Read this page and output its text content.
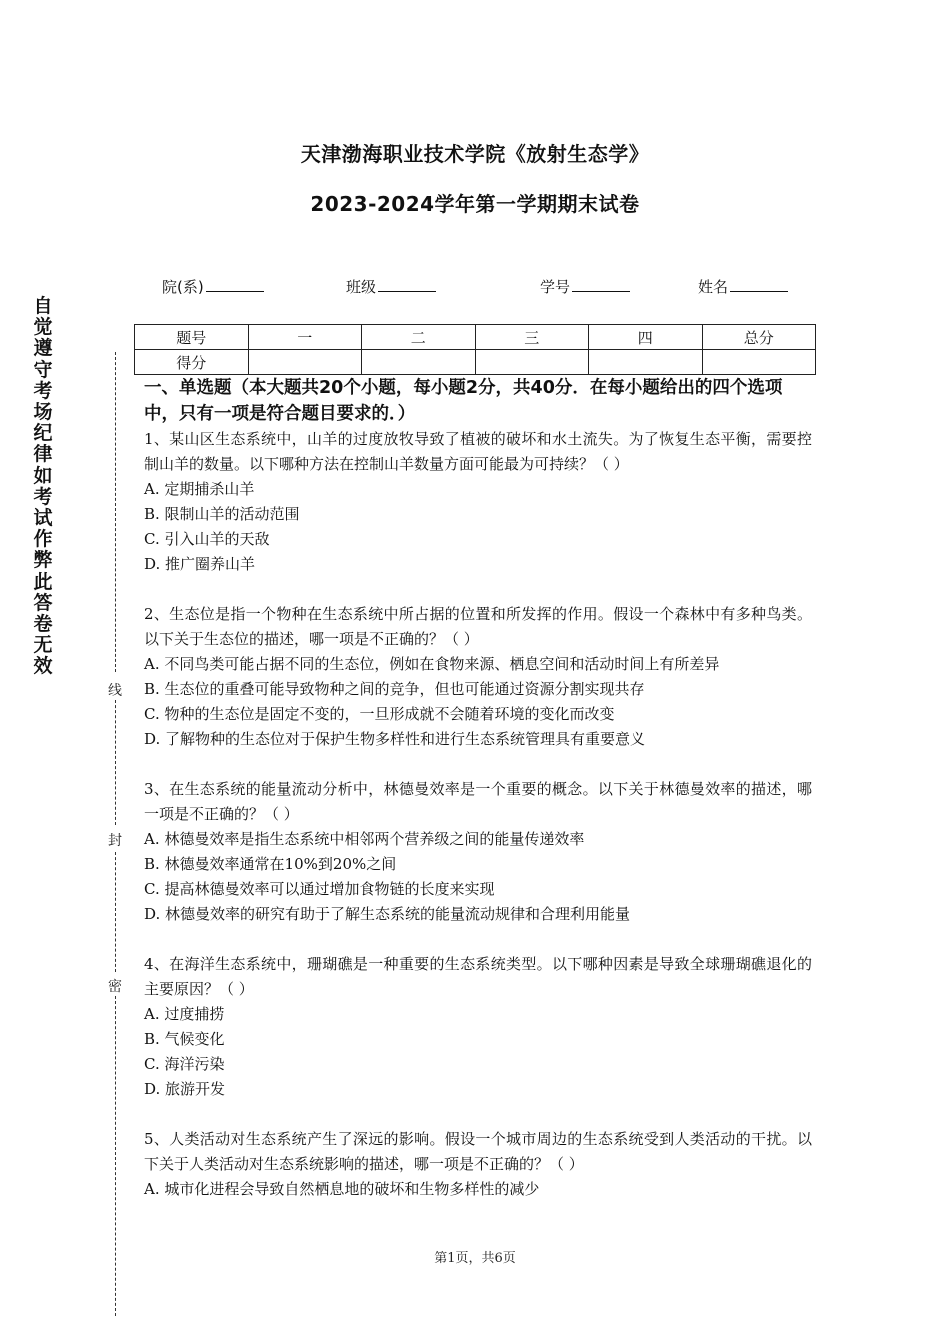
天津渤海职业技术学院《放射生态学》
2023-2024学年第一学期期末试卷
院(系)	班级	学号	姓名
题号	一	二	三	四	总分
得分					
自觉遵守考场纪律如考试作弊此答卷无效
线
封
密
一、单选题（本大题共20个小题，每小题2分，共40分．在每小题给出的四个选项中，只有一项是符合题目要求的．）
1、某山区生态系统中，山羊的过度放牧导致了植被的破坏和水土流失。为了恢复生态平衡，需要控制山羊的数量。以下哪种方法在控制山羊数量方面可能最为可持续？（ ）
A. 定期捕杀山羊
B. 限制山羊的活动范围
C. 引入山羊的天敌
D. 推广圈养山羊
2、生态位是指一个物种在生态系统中所占据的位置和所发挥的作用。假设一个森林中有多种鸟类。以下关于生态位的描述，哪一项是不正确的？（ ）
A. 不同鸟类可能占据不同的生态位，例如在食物来源、栖息空间和活动时间上有所差异
B. 生态位的重叠可能导致物种之间的竞争，但也可能通过资源分割实现共存
C. 物种的生态位是固定不变的，一旦形成就不会随着环境的变化而改变
D. 了解物种的生态位对于保护生物多样性和进行生态系统管理具有重要意义
3、在生态系统的能量流动分析中，林德曼效率是一个重要的概念。以下关于林德曼效率的描述，哪一项是不正确的？（ ）
A. 林德曼效率是指生态系统中相邻两个营养级之间的能量传递效率
B. 林德曼效率通常在10%到20%之间
C. 提高林德曼效率可以通过增加食物链的长度来实现
D. 林德曼效率的研究有助于了解生态系统的能量流动规律和合理利用能量
4、在海洋生态系统中，珊瑚礁是一种重要的生态系统类型。以下哪种因素是导致全球珊瑚礁退化的主要原因？（ ）
A. 过度捕捞
B. 气候变化
C. 海洋污染
D. 旅游开发
5、人类活动对生态系统产生了深远的影响。假设一个城市周边的生态系统受到人类活动的干扰。以下关于人类活动对生态系统影响的描述，哪一项是不正确的？（ ）
A. 城市化进程会导致自然栖息地的破坏和生物多样性的减少
第1页，共6页
